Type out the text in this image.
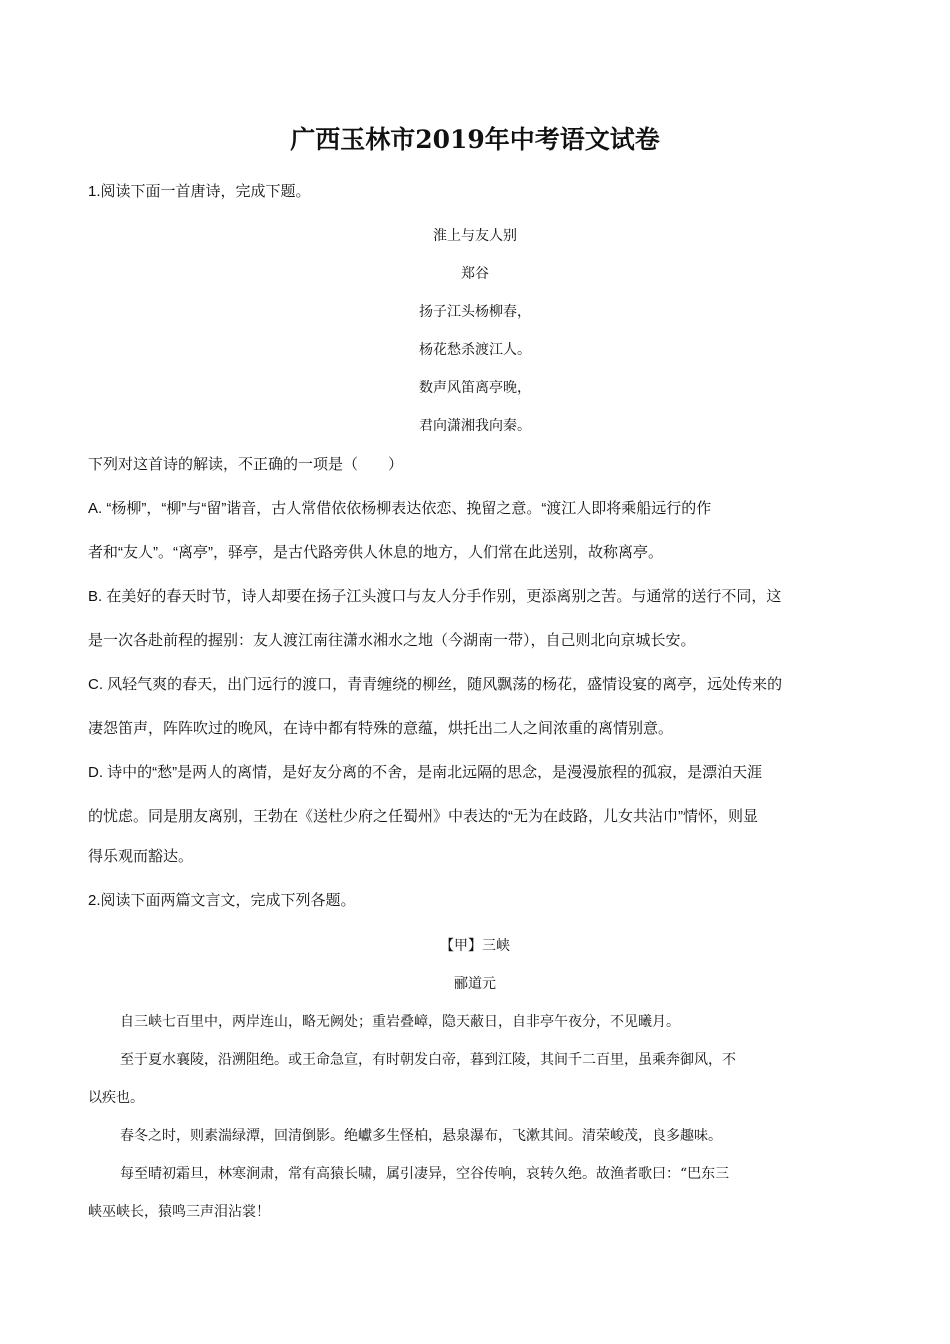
广西玉林市2019年中考语文试卷
1.阅读下面一首唐诗，完成下题。
淮上与友人别
郑谷
扬子江头杨柳春，
杨花愁杀渡江人。
数声风笛离亭晚，
君向潇湘我向秦。
下列对这首诗的解读，不正确的一项是（　　）
A. “杨柳”，“柳”与“留”谐音，古人常借依依杨柳表达依恋、挽留之意。“渡江人即将乘船远行的作
者和“友人”。“离亭”，驿亭，是古代路旁供人休息的地方，人们常在此送别，故称离亭。
B. 在美好的春天时节，诗人却要在扬子江头渡口与友人分手作别，更添离别之苦。与通常的送行不同，这
是一次各赴前程的握别：友人渡江南往潇水湘水之地（今湖南一带），自己则北向京城长安。
C. 风轻气爽的春天，出门远行的渡口，青青缠绕的柳丝，随风飘荡的杨花，盛情设宴的离亭，远处传来的
凄怨笛声，阵阵吹过的晚风，在诗中都有特殊的意蕴，烘托出二人之间浓重的离情别意。
D. 诗中的“愁”是两人的离情，是好友分离的不舍，是南北远隔的思念，是漫漫旅程的孤寂，是漂泊天涯
的忧虑。同是朋友离别，王勃在《送杜少府之任蜀州》中表达的“无为在歧路，儿女共沾巾”情怀，则显
得乐观而豁达。
2.阅读下面两篇文言文，完成下列各题。
【甲】三峡
郦道元
自三峡七百里中，两岸连山，略无阙处；重岩叠嶂，隐天蔽日，自非亭午夜分，不见曦月。
至于夏水襄陵，沿溯阻绝。或王命急宣，有时朝发白帝，暮到江陵，其间千二百里，虽乘奔御风，不
以疾也。
春冬之时，则素湍绿潭，回清倒影。绝巘多生怪柏，悬泉瀑布，飞漱其间。清荣峻茂，良多趣味。
每至晴初霜旦，林寒涧肃，常有高猿长啸，属引凄异，空谷传响，哀转久绝。故渔者歌曰：“巴东三
峡巫峡长，猿鸣三声泪沾裳！
